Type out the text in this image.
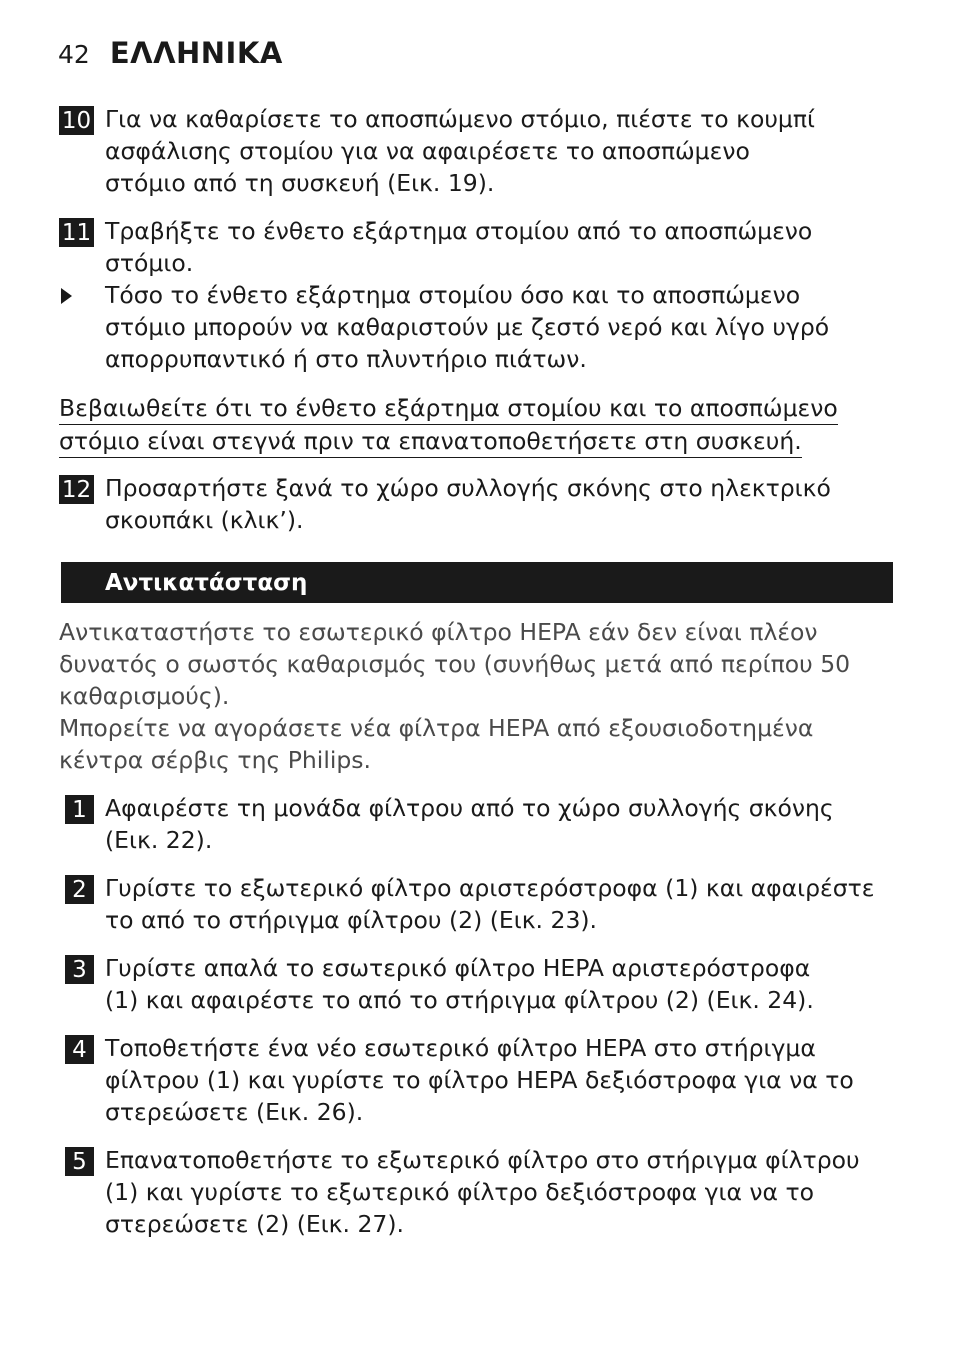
42 ΕΛΛΗΝΙΚΑ
10 Για να καθαρίσετε το αποσπώμενο στόμιο, πιέστε το κουμπί
ασφάλισης στομίου για να αφαιρέσετε το αποσπώμενο
στόμιο από τη συσκευή (Εικ. 19).
11 Τραβήξτε το ένθετο εξάρτημα στομίου από το αποσπώμενο
στόμιο.
Τόσο το ένθετο εξάρτημα στομίου όσο και το αποσπώμενο
στόμιο μπορούν να καθαριστούν με ζεστό νερό και λίγο υγρό
απορρυπαντικό ή στο πλυντήριο πιάτων.
Βεβαιωθείτε ότι το ένθετο εξάρτημα στομίου και το αποσπώμενο
στόμιο είναι στεγνά πριν τα επανατοποθετήσετε στη συσκευή.
12 Προσαρτήστε ξανά το χώρο συλλογής σκόνης στο ηλεκτρικό
σκουπάκι (κλικ’).
Αντικατάσταση

Αντικαταστήστε το εσωτερικό φίλτρο HEPA εάν δεν είναι πλέον
δυνατός ο σωστός καθαρισμός του (συνήθως μετά από περίπου 50
καθαρισμούς).

Μπορείτε να αγοράσετε νέα φίλτρα HEPA από εξουσιοδοτημένα
κέντρα σέρβις της Philips.

1 Αφαιρέστε τη μονάδα φίλτρου από το χώρο συλλογής σκόνης
(Εικ. 22).
2 Γυρίστε το εξωτερικό φίλτρο αριστερόστροφα (1) και αφαιρέστε
το από το στήριγμα φίλτρου (2) (Εικ. 23).
3 Γυρίστε απαλά το εσωτερικό φίλτρο HEPA αριστερόστροφα
(1) και αφαιρέστε το από το στήριγμα φίλτρου (2) (Εικ. 24).
4 Τοποθετήστε ένα νέο εσωτερικό φίλτρο HEPA στο στήριγμα
φίλτρου (1) και γυρίστε το φίλτρο HEPA δεξιόστροφα για να το
στερεώσετε (Εικ. 26).
5 Επανατοποθετήστε το εξωτερικό φίλτρο στο στήριγμα φίλτρου
(1) και γυρίστε το εξωτερικό φίλτρο δεξιόστροφα για να το
στερεώσετε (2) (Εικ. 27).
